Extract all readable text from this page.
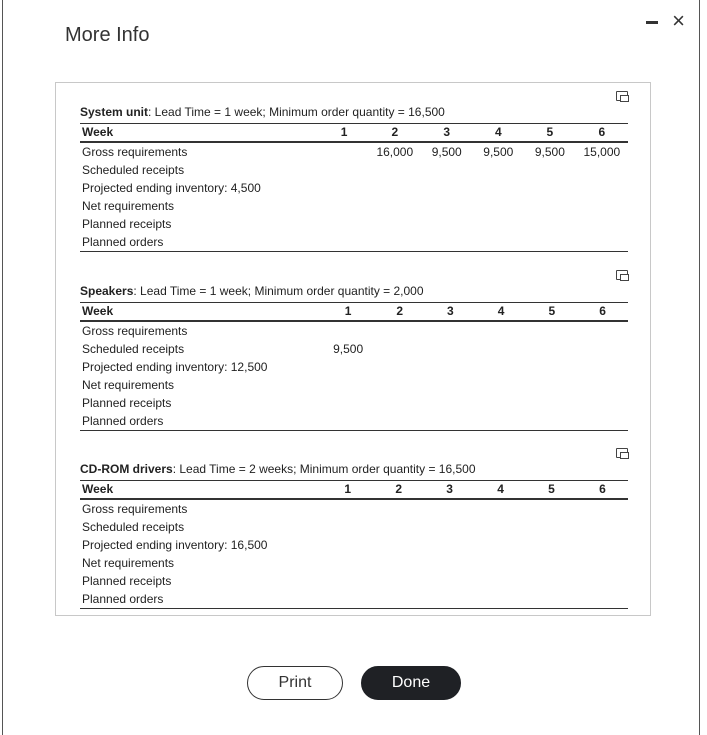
More Info
×
System unit: Lead Time = 1 week; Minimum order quantity = 16,500
Week	1	2	3	4	5	6
Gross requirements		16,000	9,500	9,500	9,500	15,000
Scheduled receipts						
Projected ending inventory: 4,500						
Net requirements						
Planned receipts						
Planned orders						
Speakers: Lead Time = 1 week; Minimum order quantity = 2,000
Week	1	2	3	4	5	6
Gross requirements						
Scheduled receipts	9,500					
Projected ending inventory: 12,500						
Net requirements						
Planned receipts						
Planned orders						
CD-ROM drivers: Lead Time = 2 weeks; Minimum order quantity = 16,500
Week	1	2	3	4	5	6
Gross requirements						
Scheduled receipts						
Projected ending inventory: 16,500						
Net requirements						
Planned receipts						
Planned orders						
Print	Done
